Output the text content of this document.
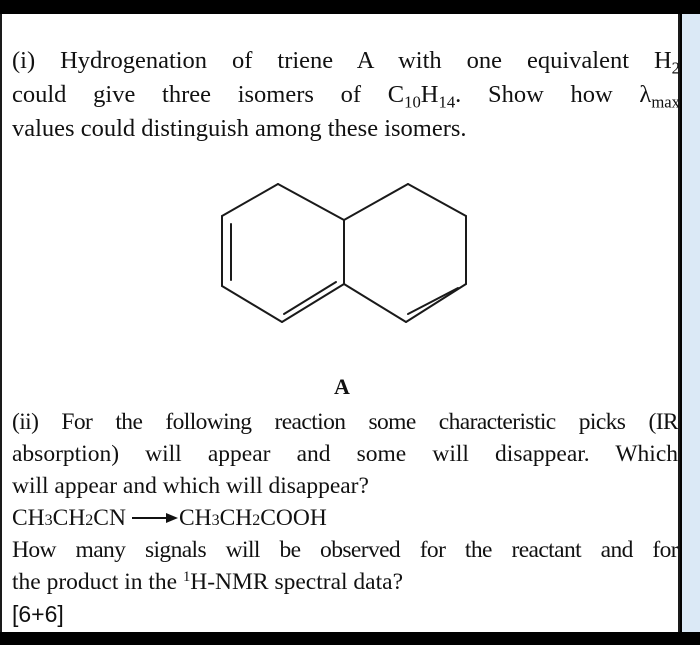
(i) Hydrogenation of triene A with one equivalent $H_2$
could give three isomers of $C_{10}H_{14}$. Show how $\lambda_{max}$
values could distinguish among these isomers.
A
(ii) For the following reaction some characteristic picks (IR
absorption) will appear and some will disappear. Which
will appear and which will disappear?
CH 3 CH 2 CN → CH 3 CH 2 COOH
How many signals will be observed for the reactant and for
the product in the $^1$H-NMR spectral data?
[6+6]
